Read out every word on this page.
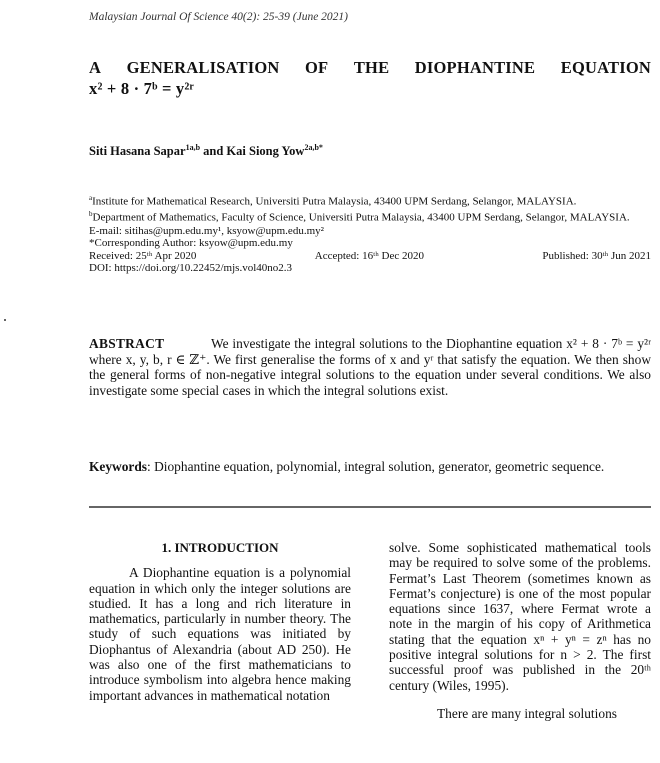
Malaysian Journal Of Science 40(2): 25-39 (June 2021)
A GENERALISATION OF THE DIOPHANTINE EQUATION
x² + 8 · 7ᵇ = y²ʳ
Siti Hasana Sapar$^{1a,b}$ and Kai Siong Yow$^{2a,b*}$
$^a$Institute for Mathematical Research, Universiti Putra Malaysia, 43400 UPM Serdang, Selangor, MALAYSIA.
$^b$Department of Mathematics, Faculty of Science, Universiti Putra Malaysia, 43400 UPM Serdang, Selangor, MALAYSIA.
E-mail: sitihas@upm.edu.my¹, ksyow@upm.edu.my²
*Corresponding Author: ksyow@upm.edu.my
Received: 25ᵗʰ Apr 2020	Accepted: 16ᵗʰ Dec 2020	Published: 30ᵗʰ Jun 2021
DOI: https://doi.org/10.22452/mjs.vol40no2.3
ABSTRACT	We investigate the integral solutions to the Diophantine equation x² + 8 · 7ᵇ = y²ʳ where x, y, b, r ∈ ℤ⁺. We first generalise the forms of x and yʳ that satisfy the equation. We then show the general forms of non-negative integral solutions to the equation under several conditions. We also investigate some special cases in which the integral solutions exist.
Keywords: Diophantine equation, polynomial, integral solution, generator, geometric sequence.
1. INTRODUCTION
A Diophantine equation is a polynomial equation in which only the integer solutions are studied. It has a long and rich literature in mathematics, particularly in number theory. The study of such equations was initiated by Diophantus of Alexandria (about AD 250). He was also one of the first mathematicians to introduce symbolism into algebra hence making important advances in mathematical notation
solve. Some sophisticated mathematical tools may be required to solve some of the problems. Fermat’s Last Theorem (sometimes known as Fermat’s conjecture) is one of the most popular equations since 1637, where Fermat wrote a note in the margin of his copy of Arithmetica stating that the equation xⁿ + yⁿ = zⁿ has no positive integral solutions for n > 2. The first successful proof was published in the 20ᵗʰ century (Wiles, 1995).
There are many integral solutions
